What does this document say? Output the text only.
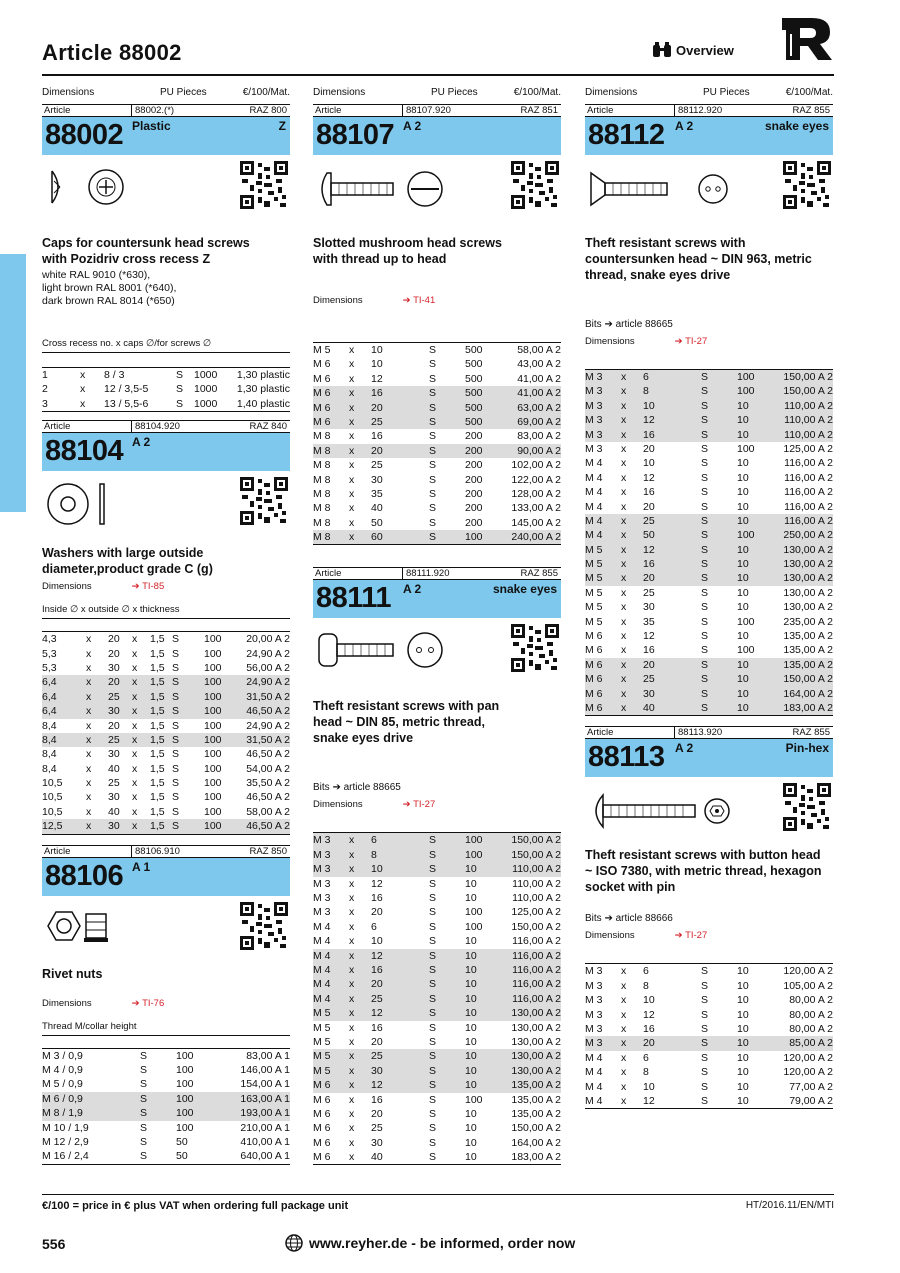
Article 88002	Overview
Dimensions	PU Pieces	€/100/Mat.
Article	88002.(*)	RAZ 800
88002 Plastic	Z
Caps for countersunk head screws with Pozidriv cross recess Z
white RAL 9010 (*630),
light brown RAL 8001 (*640),
dark brown RAL 8014 (*650)
Cross recess no. x caps ∅/for screws ∅
1	x	8 / 3	S	1000	1,30 plastic
2	x	12 / 3,5-5	S	1000	1,30 plastic
3	x	13 / 5,5-6	S	1000	1,40 plastic
Article	88104.920	RAZ 840
88104 A 2
Washers with large outside diameter,product grade C (g)
Dimensions	➔ TI-85
Inside ∅ x outside ∅ x thickness
4,3	x	20	x	1,5 S	100	20,00 A 2
5,3	x	20	x	1,5 S	100	24,90 A 2
5,3	x	30	x	1,5 S	100	56,00 A 2
6,4	x	20	x	1,5 S	100	24,90 A 2
6,4	x	25	x	1,5 S	100	31,50 A 2
6,4	x	30	x	1,5 S	100	46,50 A 2
8,4	x	20	x	1,5 S	100	24,90 A 2
8,4	x	25	x	1,5 S	100	31,50 A 2
8,4	x	30	x	1,5 S	100	46,50 A 2
8,4	x	40	x	1,5 S	100	54,00 A 2
10,5	x	25	x	1,5 S	100	35,50 A 2
10,5	x	30	x	1,5 S	100	46,50 A 2
10,5	x	40	x	1,5 S	100	58,00 A 2
12,5	x	30	x	1,5 S	100	46,50 A 2
Article	88106.910	RAZ 850
88106 A 1
Rivet nuts
Dimensions	➔ TI-76
Thread M/collar height
M 3 / 0,9	S	100	83,00 A 1
M 4 / 0,9	S	100	146,00 A 1
M 5 / 0,9	S	100	154,00 A 1
M 6 / 0,9	S	100	163,00 A 1
M 8 / 1,9	S	100	193,00 A 1
M 10 / 1,9	S	100	210,00 A 1
M 12 / 2,9	S	50	410,00 A 1
M 16 / 2,4	S	50	640,00 A 1
Dimensions	PU Pieces	€/100/Mat.
Article	88107.920	RAZ 851
88107 A 2
Slotted mushroom head screws with thread up to head
Dimensions	➔ TI-41
M 5	x	10	S	500	58,00 A 2
M 6	x	10	S	500	43,00 A 2
M 6	x	12	S	500	41,00 A 2
M 6	x	16	S	500	41,00 A 2
M 6	x	20	S	500	63,00 A 2
M 6	x	25	S	500	69,00 A 2
M 8	x	16	S	200	83,00 A 2
M 8	x	20	S	200	90,00 A 2
M 8	x	25	S	200	102,00 A 2
M 8	x	30	S	200	122,00 A 2
M 8	x	35	S	200	128,00 A 2
M 8	x	40	S	200	133,00 A 2
M 8	x	50	S	200	145,00 A 2
M 8	x	60	S	100	240,00 A 2
Article	88111.920	RAZ 855
88111 A 2	snake eyes
Theft resistant screws with pan head ~ DIN 85, metric thread, snake eyes drive
Bits ➔ article 88665
Dimensions	➔ TI-27
M 3	x	6	S	100	150,00 A 2
M 3	x	8	S	100	150,00 A 2
M 3	x	10	S	10	110,00 A 2
M 3	x	12	S	10	110,00 A 2
M 3	x	16	S	10	110,00 A 2
M 3	x	20	S	100	125,00 A 2
M 4	x	6	S	100	150,00 A 2
M 4	x	10	S	10	116,00 A 2
M 4	x	12	S	10	116,00 A 2
M 4	x	16	S	10	116,00 A 2
M 4	x	20	S	10	116,00 A 2
M 4	x	25	S	10	116,00 A 2
M 5	x	12	S	10	130,00 A 2
M 5	x	16	S	10	130,00 A 2
M 5	x	20	S	10	130,00 A 2
M 5	x	25	S	10	130,00 A 2
M 5	x	30	S	10	130,00 A 2
M 6	x	12	S	10	135,00 A 2
M 6	x	16	S	100	135,00 A 2
M 6	x	20	S	10	135,00 A 2
M 6	x	25	S	10	150,00 A 2
M 6	x	30	S	10	164,00 A 2
M 6	x	40	S	10	183,00 A 2
Dimensions	PU Pieces	€/100/Mat.
Article	88112.920	RAZ 855
88112 A 2	snake eyes
Theft resistant screws with countersunken head ~ DIN 963, metric thread, snake eyes drive
Bits ➔ article 88665
Dimensions	➔ TI-27
M 3	x	6	S	100	150,00 A 2
M 3	x	8	S	100	150,00 A 2
M 3	x	10	S	10	110,00 A 2
M 3	x	12	S	10	110,00 A 2
M 3	x	16	S	10	110,00 A 2
M 3	x	20	S	100	125,00 A 2
M 4	x	10	S	10	116,00 A 2
M 4	x	12	S	10	116,00 A 2
M 4	x	16	S	10	116,00 A 2
M 4	x	20	S	10	116,00 A 2
M 4	x	25	S	10	116,00 A 2
M 4	x	50	S	100	250,00 A 2
M 5	x	12	S	10	130,00 A 2
M 5	x	16	S	10	130,00 A 2
M 5	x	20	S	10	130,00 A 2
M 5	x	25	S	10	130,00 A 2
M 5	x	30	S	10	130,00 A 2
M 5	x	35	S	100	235,00 A 2
M 6	x	12	S	10	135,00 A 2
M 6	x	16	S	100	135,00 A 2
M 6	x	20	S	10	135,00 A 2
M 6	x	25	S	10	150,00 A 2
M 6	x	30	S	10	164,00 A 2
M 6	x	40	S	10	183,00 A 2
Article	88113.920	RAZ 855
88113 A 2	Pin-hex
Theft resistant screws with button head ~ ISO 7380, with metric thread, hexagon socket with pin
Bits ➔ article 88666
Dimensions	➔ TI-27
M 3	x	6	S	10	120,00 A 2
M 3	x	8	S	10	105,00 A 2
M 3	x	10	S	10	80,00 A 2
M 3	x	12	S	10	80,00 A 2
M 3	x	16	S	10	80,00 A 2
M 3	x	20	S	10	85,00 A 2
M 4	x	6	S	10	120,00 A 2
M 4	x	8	S	10	120,00 A 2
M 4	x	10	S	10	77,00 A 2
M 4	x	12	S	10	79,00 A 2
€/100 = price in € plus VAT when ordering full package unit	HT/2016.11/EN/MTI
556	www.reyher.de - be informed, order now
